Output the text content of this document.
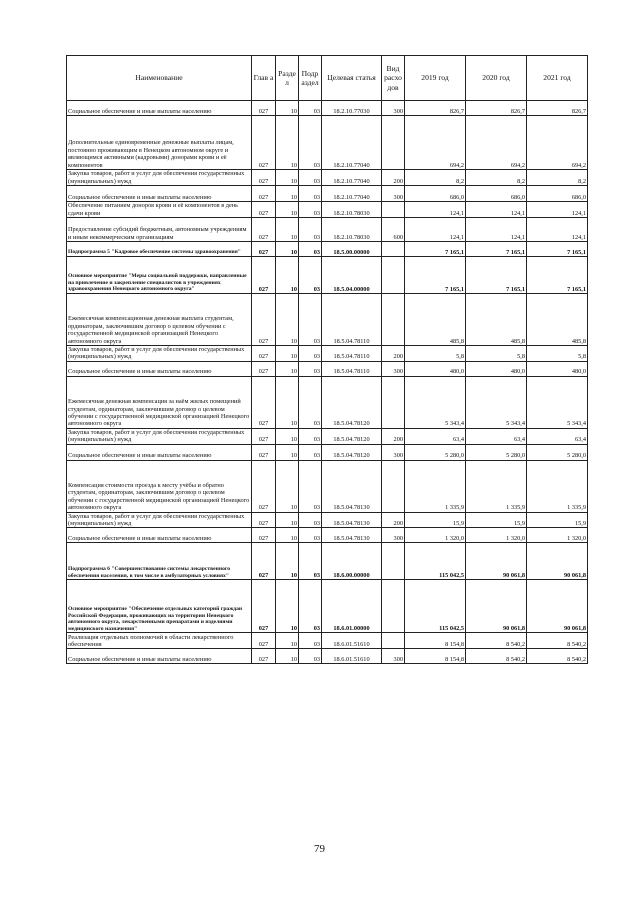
Наименование	Глав а	Разде л	Подр аздел	Целевая статья	Вид расхо дов	2019 год	2020 год	2021 год
Социальное обеспечение и иные выплаты населению	027	10	03	18.2.10.77030	300	826,7	826,7	826,7
Дополнительные единовременные денежные выплаты лицам, постоянно проживающим в Ненецком автономном округе и являющимся активными (кадровыми) донорами крови и её компонентов	027	10	03	18.2.10.77040		694,2	694,2	694,2
Закупка товаров, работ и услуг для обеспечения государственных (муниципальных) нужд	027	10	03	18.2.10.77040	200	8,2	8,2	8,2
Социальное обеспечение и иные выплаты населению	027	10	03	18.2.10.77040	300	686,0	686,0	686,0
Обеспечение питанием доноров крови и её компонентов в день сдачи крови	027	10	03	18.2.10.78030		124,1	124,1	124,1
Предоставление субсидий бюджетным, автономным учреждениям и иным некоммерческим организациям	027	10	03	18.2.10.78030	600	124,1	124,1	124,1
Подпрограмма 5 "Кадровое обеспечение системы здравоохранения"	027	10	03	18.5.00.00000		7 165,1	7 165,1	7 165,1
Основное мероприятие "Меры социальной поддержки, направленные на привлечение и закрепление специалистов в учреждениях здравоохранения Ненецкого автономного округа"	027	10	03	18.5.04.00000		7 165,1	7 165,1	7 165,1
Ежемесячная компенсационная денежная выплата студентам, ординаторам, заключившим договор о целевом обучении с государственной медицинской организацией Ненецкого автономного округа	027	10	03	18.5.04.78110		485,8	485,8	485,8
Закупка товаров, работ и услуг для обеспечения государственных (муниципальных) нужд	027	10	03	18.5.04.78110	200	5,8	5,8	5,8
Социальное обеспечение и иные выплаты населению	027	10	03	18.5.04.78110	300	480,0	480,0	480,0
Ежемесячная денежная компенсация за наём жилых помещений студентам, ординаторам, заключившим договор о целевом обучении с государственной медицинской организацией Ненецкого автономного округа	027	10	03	18.5.04.78120		5 343,4	5 343,4	5 343,4
Закупка товаров, работ и услуг для обеспечения государственных (муниципальных) нужд	027	10	03	18.5.04.78120	200	63,4	63,4	63,4
Социальное обеспечение и иные выплаты населению	027	10	03	18.5.04.78120	300	5 280,0	5 280,0	5 280,0
Компенсация стоимости проезда к месту учёбы и обратно студентам, ординаторам, заключившим договор о целевом обучении с государственной медицинской организацией Ненецкого автономного округа	027	10	03	18.5.04.78130		1 335,9	1 335,9	1 335,9
Закупка товаров, работ и услуг для обеспечения государственных (муниципальных) нужд	027	10	03	18.5.04.78130	200	15,9	15,9	15,9
Социальное обеспечение и иные выплаты населению	027	10	03	18.5.04.78130	300	1 320,0	1 320,0	1 320,0
Подпрограмма 6 "Совершенствование системы лекарственного обеспечения населения, в том числе в амбулаторных условиях"	027	10	03	18.6.00.00000		115 042,5	90 061,8	90 061,8
Основное мероприятие "Обеспечение отдельных категорий граждан Российской Федерации, проживающих на территории Ненецкого автономного округа, лекарственными препаратами и изделиями медицинского назначения"	027	10	03	18.6.01.00000		115 042,5	90 061,8	90 061,8
Реализация отдельных полномочий в области лекарственного обеспечения	027	10	03	18.6.01.51610		8 154,8	8 540,2	8 540,2
Социальное обеспечение и иные выплаты населению	027	10	03	18.6.01.51610	300	8 154,8	8 540,2	8 540,2
79
